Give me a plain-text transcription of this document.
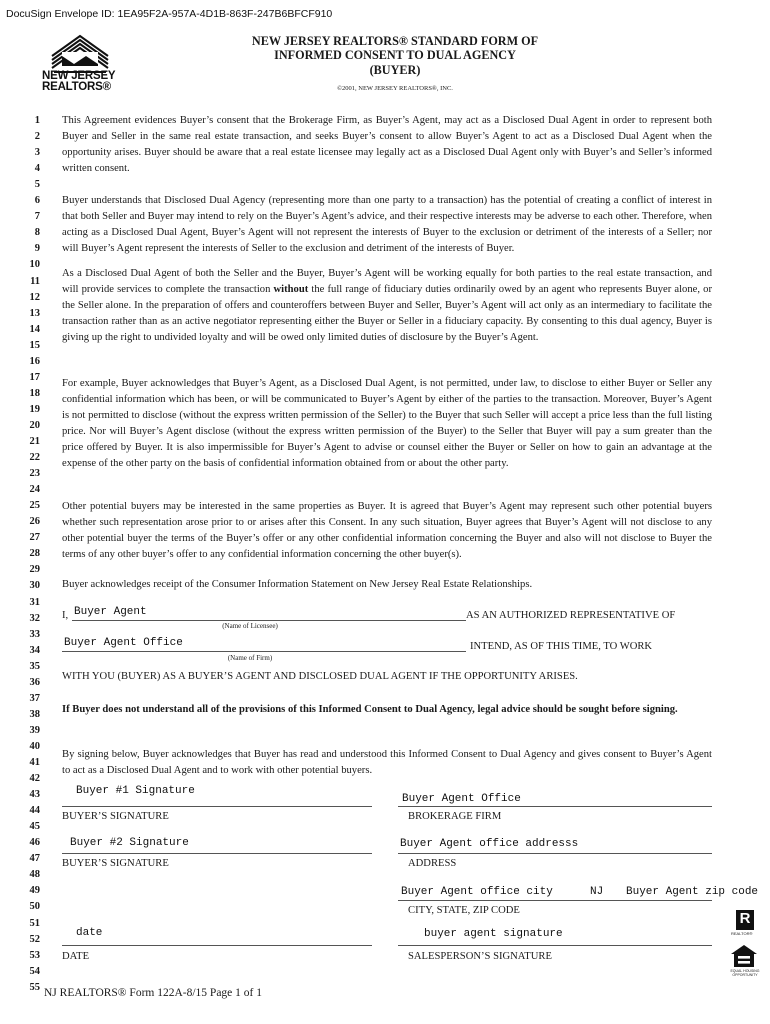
DocuSign Envelope ID: 1EA95F2A-957A-4D1B-863F-247B6BFCF910
NEW JERSEY
REALTORS®
NEW JERSEY REALTORS® STANDARD FORM OF
INFORMED CONSENT TO DUAL AGENCY
(BUYER)
©2001, NEW JERSEY REALTORS®, INC.
1
2
3
4
5
6
7
8
9
10
11
12
13
14
15
16
17
18
19
20
21
22
23
24
25
26
27
28
29
30
31
32
33
34
35
36
37
38
39
40
41
42
43
44
45
46
47
48
49
50
51
52
53
54
55
This Agreement evidences Buyer’s consent that the Brokerage Firm, as Buyer’s Agent, may act as a Disclosed Dual Agent in order to represent both Buyer and Seller in the same real estate transaction, and seeks Buyer’s consent to allow Buyer’s Agent to act as a Disclosed Dual Agent when the opportunity arises. Buyer should be aware that a real estate licensee may legally act as a Disclosed Dual Agent only with Buyer’s and Seller’s informed written consent.
Buyer understands that Disclosed Dual Agency (representing more than one party to a transaction) has the potential of creating a conflict of interest in that both Seller and Buyer may intend to rely on the Buyer’s Agent’s advice, and their respective interests may be adverse to each other. Therefore, when acting as a Disclosed Dual Agent, Buyer’s Agent will not represent the interests of Buyer to the exclusion or detriment of the interests of a Seller; nor will Buyer’s Agent represent the interests of Seller to the exclusion and detriment of the interests of Buyer.
As a Disclosed Dual Agent of both the Seller and the Buyer, Buyer’s Agent will be working equally for both parties to the real estate transaction, and will provide services to complete the transaction without the full range of fiduciary duties ordinarily owed by an agent who represents Buyer alone, or the Seller alone. In the preparation of offers and counteroffers between Buyer and Seller, Buyer’s Agent will act only as an intermediary to facilitate the transaction rather than as an active negotiator representing either the Buyer or Seller in a fiduciary capacity. By consenting to this dual agency, Buyer is giving up the right to undivided loyalty and will be owed only limited duties of disclosure by the Buyer’s Agent.
For example, Buyer acknowledges that Buyer’s Agent, as a Disclosed Dual Agent, is not permitted, under law, to disclose to either Buyer or Seller any confidential information which has been, or will be communicated to Buyer’s Agent by either of the parties to the transaction. Moreover, Buyer’s Agent is not permitted to disclose (without the express written permission of the Seller) to the Buyer that such Seller will accept a price less than the full listing price. Nor will Buyer’s Agent disclose (without the express written permission of the Buyer) to the Seller that Buyer will pay a sum greater than the price offered by Buyer. It is also impermissible for Buyer’s Agent to advise or counsel either the Buyer or Seller on how to gain an advantage at the expense of the other party on the basis of confidential information obtained from or about the other party.
Other potential buyers may be interested in the same properties as Buyer. It is agreed that Buyer’s Agent may represent such other potential buyers whether such representation arose prior to or arises after this Consent. In any such situation, Buyer agrees that Buyer’s Agent will not disclose to any other potential buyer the terms of the Buyer’s offer or any other confidential information concerning the Buyer and also will not disclose to Buyer the terms of any other buyer’s offer to any confidential information concerning the other buyer(s).
Buyer acknowledges receipt of the Consumer Information Statement on New Jersey Real Estate Relationships.
I, Buyer Agent	AS AN AUTHORIZED REPRESENTATIVE OF
(Name of Licensee)
Buyer Agent Office	INTEND, AS OF THIS TIME, TO WORK
(Name of Firm)
WITH YOU (BUYER) AS A BUYER’S AGENT AND DISCLOSED DUAL AGENT IF THE OPPORTUNITY ARISES.
If Buyer does not understand all of the provisions of this Informed Consent to Dual Agency, legal advice should be sought before signing.
By signing below, Buyer acknowledges that Buyer has read and understood this Informed Consent to Dual Agency and gives consent to Buyer’s Agent to act as a Disclosed Dual Agent and to work with other potential buyers.
Buyer #1 Signature
BUYER’S SIGNATURE
Buyer #2 Signature
BUYER’S SIGNATURE
date
DATE
Buyer Agent Office
BROKERAGE FIRM
Buyer Agent office addresss
ADDRESS
Buyer Agent office city	NJ Buyer Agent zip code
CITY, STATE, ZIP CODE
buyer agent signature
SALESPERSON’S SIGNATURE
R
REALTOR®
EQUAL HOUSING OPPORTUNITY
NJ REALTORS® Form 122A-8/15 Page 1 of 1
